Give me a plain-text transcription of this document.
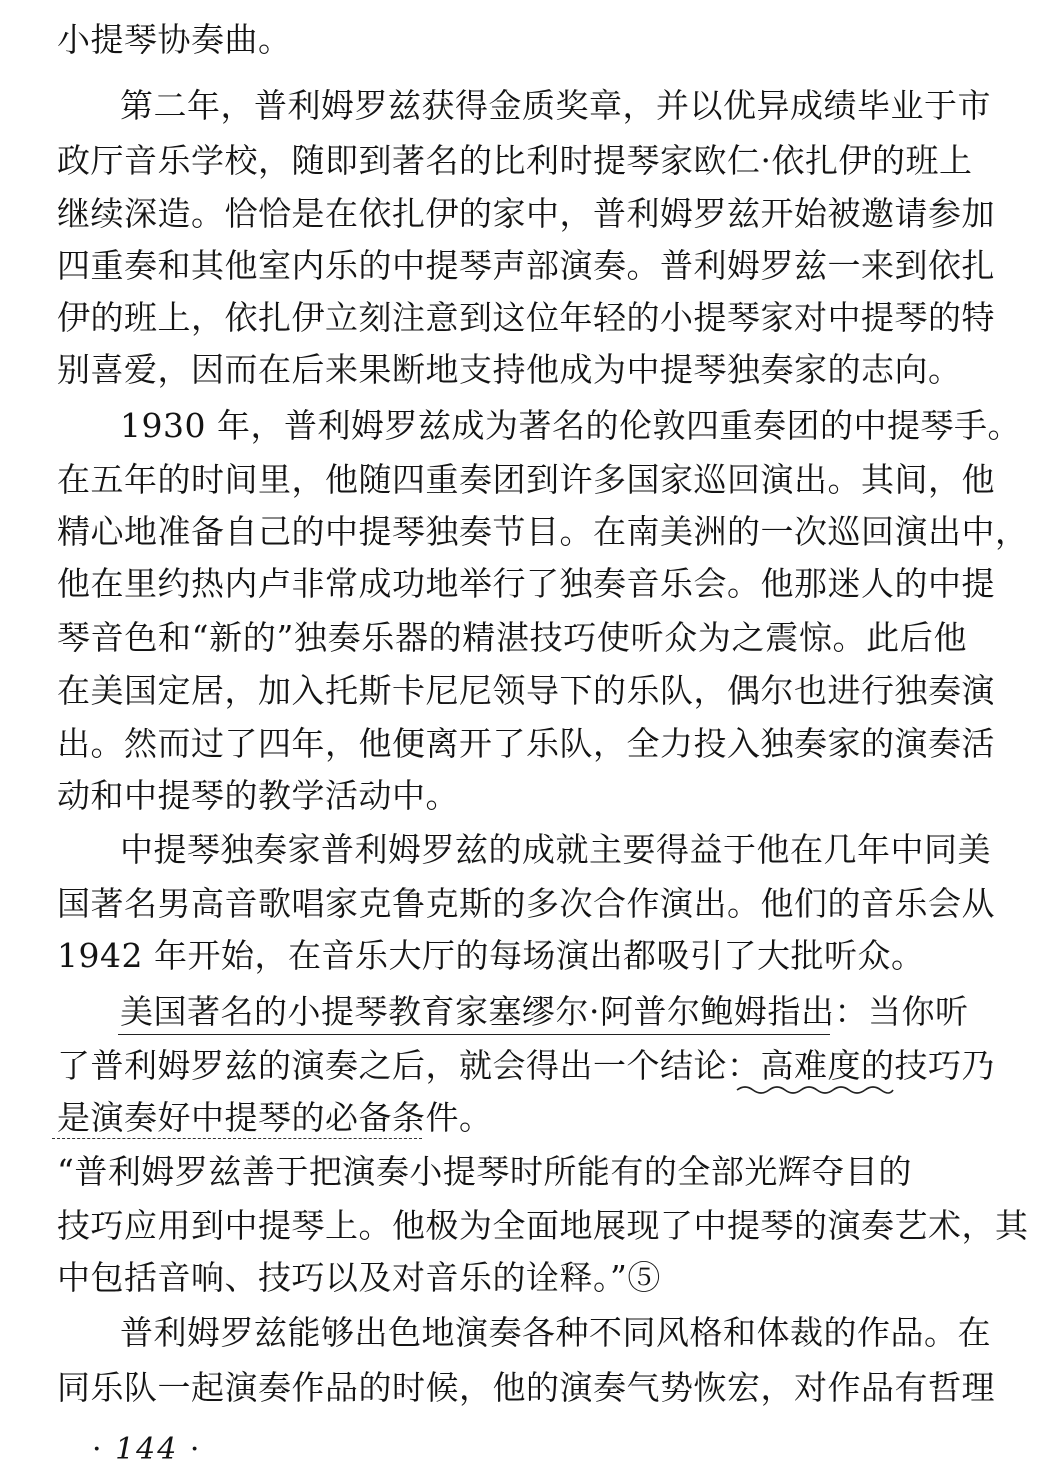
小提琴协奏曲。
第二年，普利姆罗兹获得金质奖章，并以优异成绩毕业于市
政厅音乐学校，随即到著名的比利时提琴家欧仁·依扎伊的班上
继续深造。恰恰是在依扎伊的家中，普利姆罗兹开始被邀请参加
四重奏和其他室内乐的中提琴声部演奏。普利姆罗兹一来到依扎
伊的班上，依扎伊立刻注意到这位年轻的小提琴家对中提琴的特
别喜爱，因而在后来果断地支持他成为中提琴独奏家的志向。
1930 年，普利姆罗兹成为著名的伦敦四重奏团的中提琴手。
在五年的时间里，他随四重奏团到许多国家巡回演出。其间，他
精心地准备自己的中提琴独奏节目。在南美洲的一次巡回演出中，
他在里约热内卢非常成功地举行了独奏音乐会。他那迷人的中提
琴音色和“新的”独奏乐器的精湛技巧使听众为之震惊。此后他
在美国定居，加入托斯卡尼尼领导下的乐队，偶尔也进行独奏演
出。然而过了四年，他便离开了乐队，全力投入独奏家的演奏活
动和中提琴的教学活动中。
中提琴独奏家普利姆罗兹的成就主要得益于他在几年中同美
国著名男高音歌唱家克鲁克斯的多次合作演出。他们的音乐会从
1942 年开始，在音乐大厅的每场演出都吸引了大批听众。
美国著名的小提琴教育家塞缪尔·阿普尔鲍姆指出：当你听
了普利姆罗兹的演奏之后，就会得出一个结论：高难度的技巧乃
是演奏好中提琴的必备条件。
“普利姆罗兹善于把演奏小提琴时所能有的全部光辉夺目的
技巧应用到中提琴上。他极为全面地展现了中提琴的演奏艺术，其
中包括音响、技巧以及对音乐的诠释。”⑤
普利姆罗兹能够出色地演奏各种不同风格和体裁的作品。在
同乐队一起演奏作品的时候，他的演奏气势恢宏，对作品有哲理
· 144 ·
